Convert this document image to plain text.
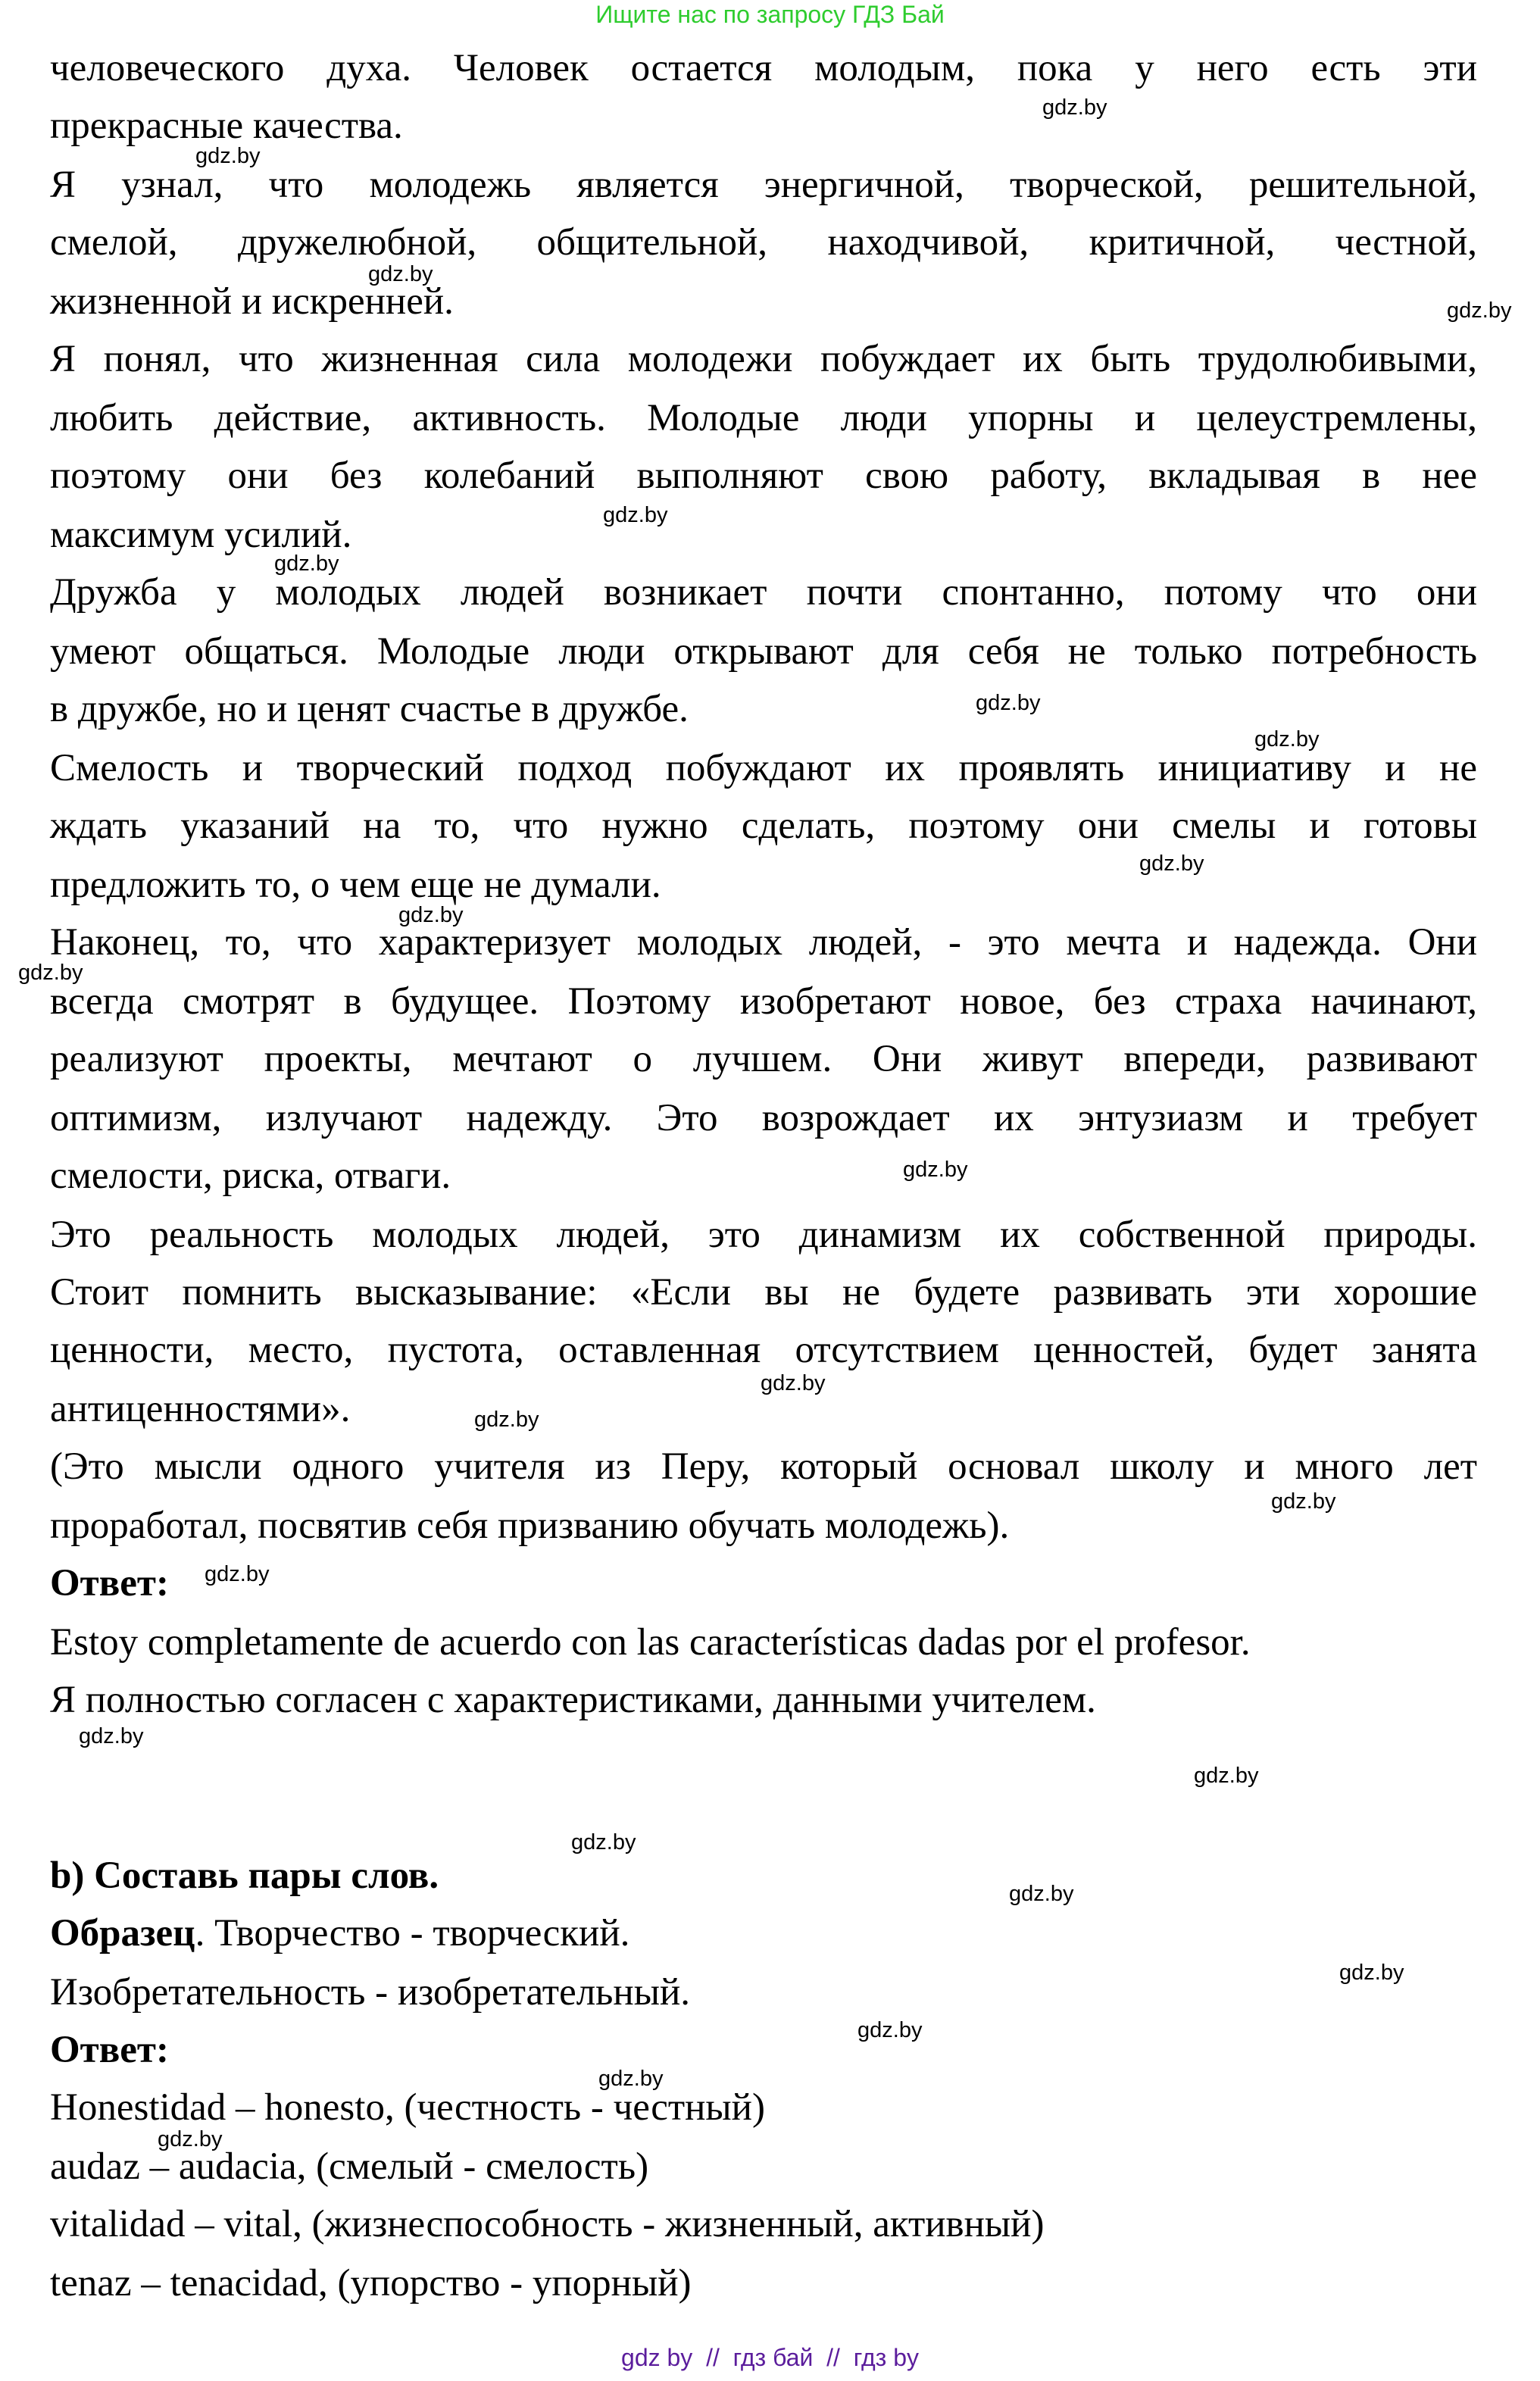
Ищите нас по запросу ГДЗ Бай
человеческого духа. Человек остается молодым, пока у него есть эти
прекрасные качества.
Я узнал, что молодежь является энергичной, творческой, решительной,
смелой, дружелюбной, общительной, находчивой, критичной, честной,
жизненной и искренней.
Я понял, что жизненная сила молодежи побуждает их быть трудолюбивыми,
любить действие, активность. Молодые люди упорны и целеустремлены,
поэтому они без колебаний выполняют свою работу, вкладывая в нее
максимум усилий.
Дружба у молодых людей возникает почти спонтанно, потому что они
умеют общаться. Молодые люди открывают для себя не только потребность
в дружбе, но и ценят счастье в дружбе.
Смелость и творческий подход побуждают их проявлять инициативу и не
ждать указаний на то, что нужно сделать, поэтому они смелы и готовы
предложить то, о чем еще не думали.
Наконец, то, что характеризует молодых людей, - это мечта и надежда. Они
всегда смотрят в будущее. Поэтому изобретают новое, без страха начинают,
реализуют проекты, мечтают о лучшем. Они живут впереди, развивают
оптимизм, излучают надежду. Это возрождает их энтузиазм и требует
смелости, риска, отваги.
Это реальность молодых людей, это динамизм их собственной природы.
Стоит помнить высказывание: «Если вы не будете развивать эти хорошие
ценности, место, пустота, оставленная отсутствием ценностей, будет занята
антиценностями».
(Это мысли одного учителя из Перу, который основал школу и много лет
проработал, посвятив себя призванию обучать молодежь).
Ответ:
Estoy completamente de acuerdo con las características dadas por el profesor.
Я полностью согласен с характеристиками, данными учителем.
b) Составь пары слов.
Образец. Творчество - творческий.
Изобретательность - изобретательный.
Ответ:
Honestidad – honesto, (честность - честный)
audaz – audacia, (смелый - смелость)
vitalidad – vital, (жизнеспособность - жизненный, активный)
tenaz – tenacidad, (упорство - упорный)
gdz.by
gdz.by
gdz.by
gdz.by
gdz.by
gdz.by
gdz.by
gdz.by
gdz.by
gdz.by
gdz.by
gdz.by
gdz.by
gdz.by
gdz.by
gdz.by
gdz.by
gdz.by
gdz.by
gdz.by
gdz.by
gdz.by
gdz.by
gdz.by
gdz by  //  гдз бай  //  гдз by
